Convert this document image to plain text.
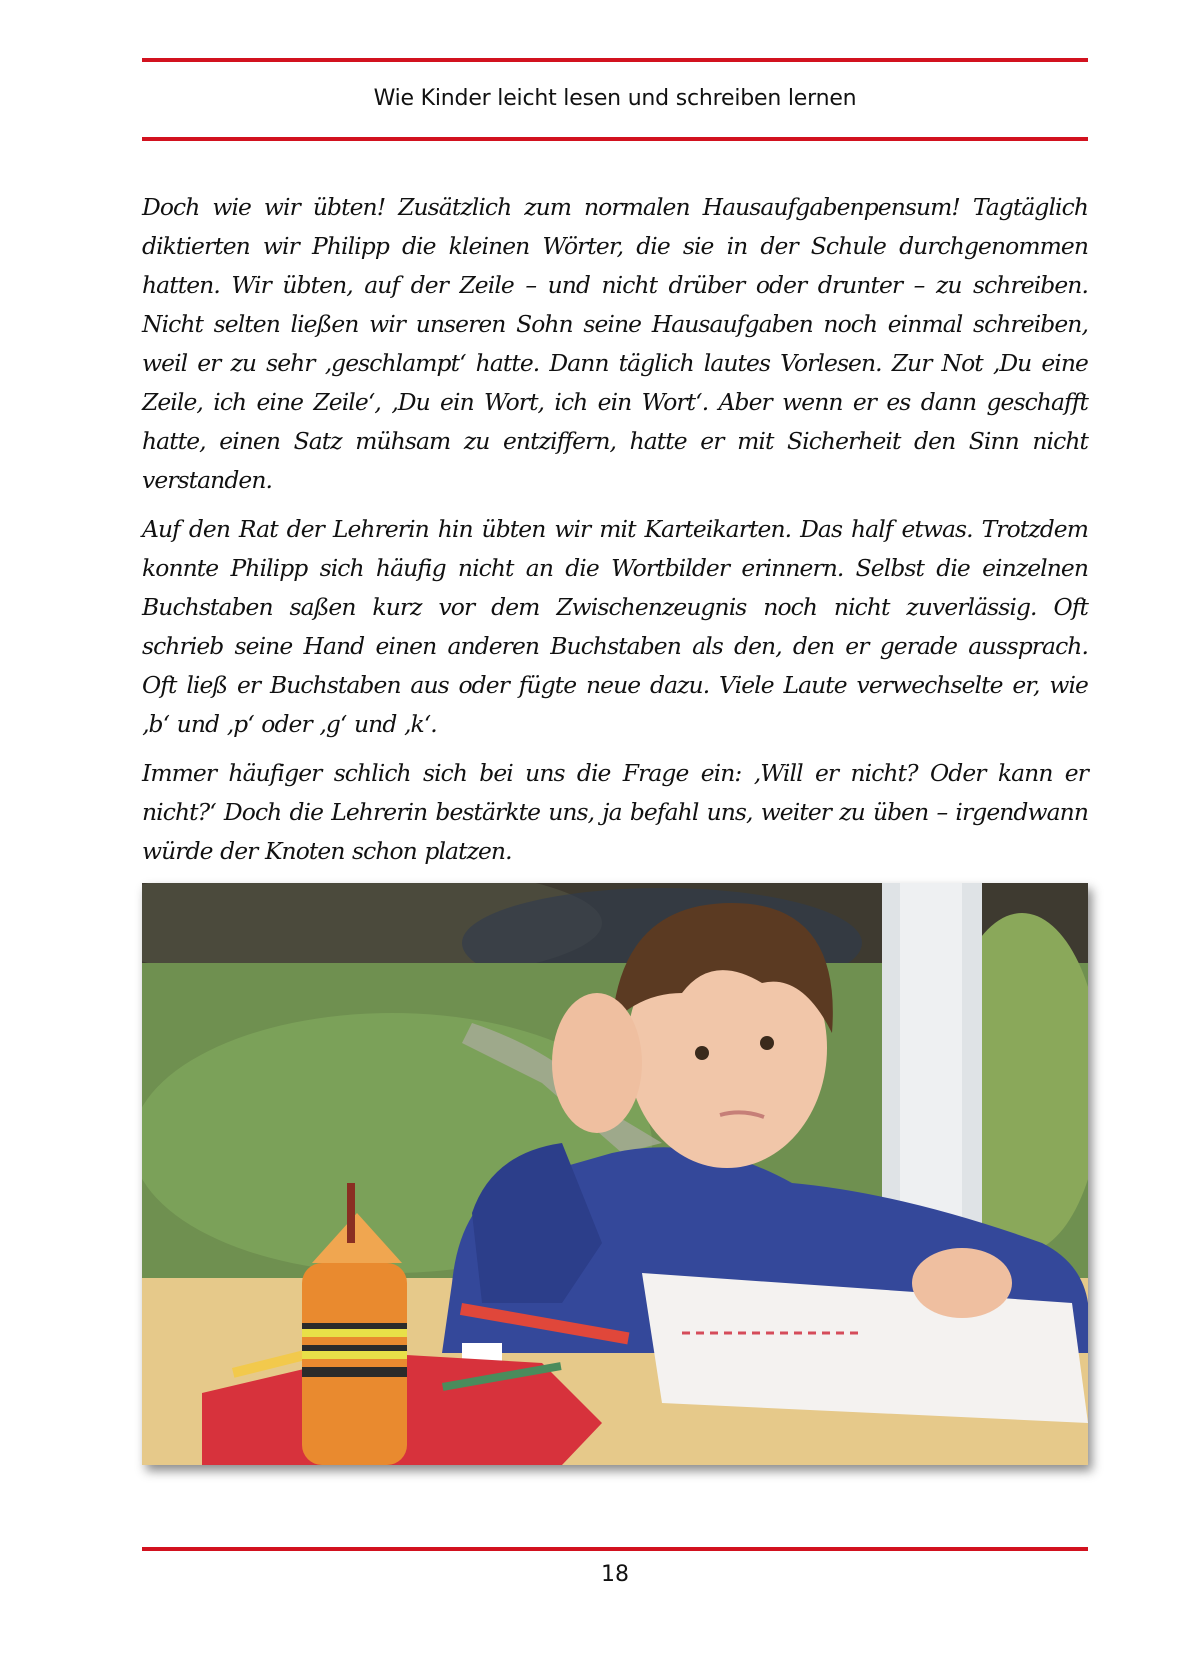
Wie Kinder leicht lesen und schreiben lernen

Doch wie wir übten! Zusätzlich zum normalen Hausaufgabenpensum! Tagtäglich diktierten wir Philipp die kleinen Wörter, die sie in der Schule durchgenommen hatten. Wir übten, auf der Zeile – und nicht drüber oder drunter – zu schreiben. Nicht selten ließen wir unseren Sohn seine Hausaufgaben noch einmal schreiben, weil er zu sehr ‚geschlampt‘ hatte. Dann täglich lautes Vorlesen. Zur Not ‚Du eine Zeile, ich eine Zeile‘, ‚Du ein Wort, ich ein Wort‘. Aber wenn er es dann geschafft hatte, einen Satz mühsam zu entziffern, hatte er mit Sicherheit den Sinn nicht verstanden.

Auf den Rat der Lehrerin hin übten wir mit Karteikarten. Das half etwas. Trotzdem konnte Philipp sich häufig nicht an die Wortbilder erinnern. Selbst die einzelnen Buchstaben saßen kurz vor dem Zwischenzeugnis noch nicht zuverlässig. Oft schrieb seine Hand einen anderen Buchstaben als den, den er gerade aussprach. Oft ließ er Buchstaben aus oder fügte neue dazu. Viele Laute verwechselte er, wie ‚b‘ und ‚p‘ oder ‚g‘ und ‚k‘.

Immer häufiger schlich sich bei uns die Frage ein: ‚Will er nicht? Oder kann er nicht?‘ Doch die Lehrerin bestärkte uns, ja befahl uns, weiter zu üben – irgendwann würde der Knoten schon platzen.

18
